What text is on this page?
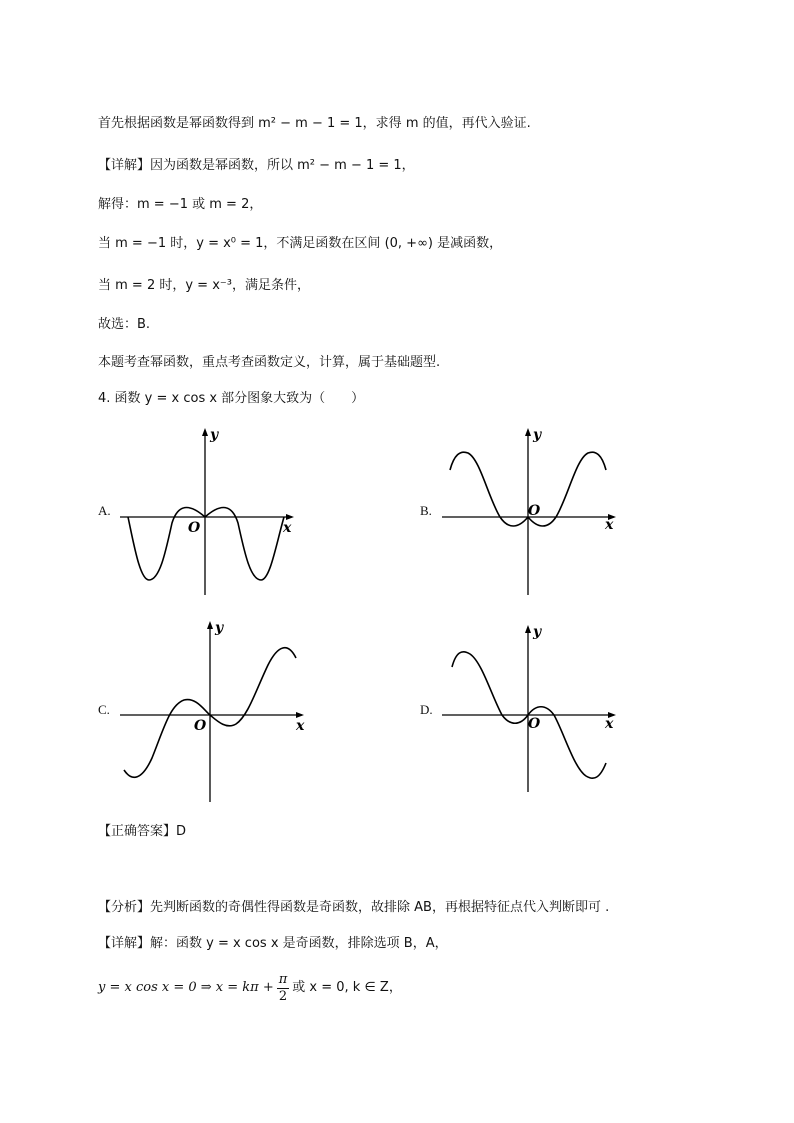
首先根据函数是幂函数得到 m² − m − 1 = 1，求得 m 的值，再代入验证.
【详解】因为函数是幂函数，所以 m² − m − 1 = 1，
解得：m = −1 或 m = 2，
当 m = −1 时，y = x⁰ = 1，不满足函数在区间 (0, +∞) 是减函数，
当 m = 2 时，y = x⁻³，满足条件，
故选：B.
本题考查幂函数，重点考查函数定义，计算，属于基础题型.
4. 函数 y = x cos x 部分图象大致为（　　）
A.
y
x
O
B.
y
x
O
C.
y
x
O
D.
y
x
O
【正确答案】D
【分析】先判断函数的奇偶性得函数是奇函数，故排除 AB，再根据特征点代入判断即可 .
【详解】解：函数 y = x cos x 是奇函数，排除选项 B，A，
y = x cos x = 0 ⇒ $x = k\pi + \frac{\pi}{2}$ 或 x = 0, k ∈ Z，
